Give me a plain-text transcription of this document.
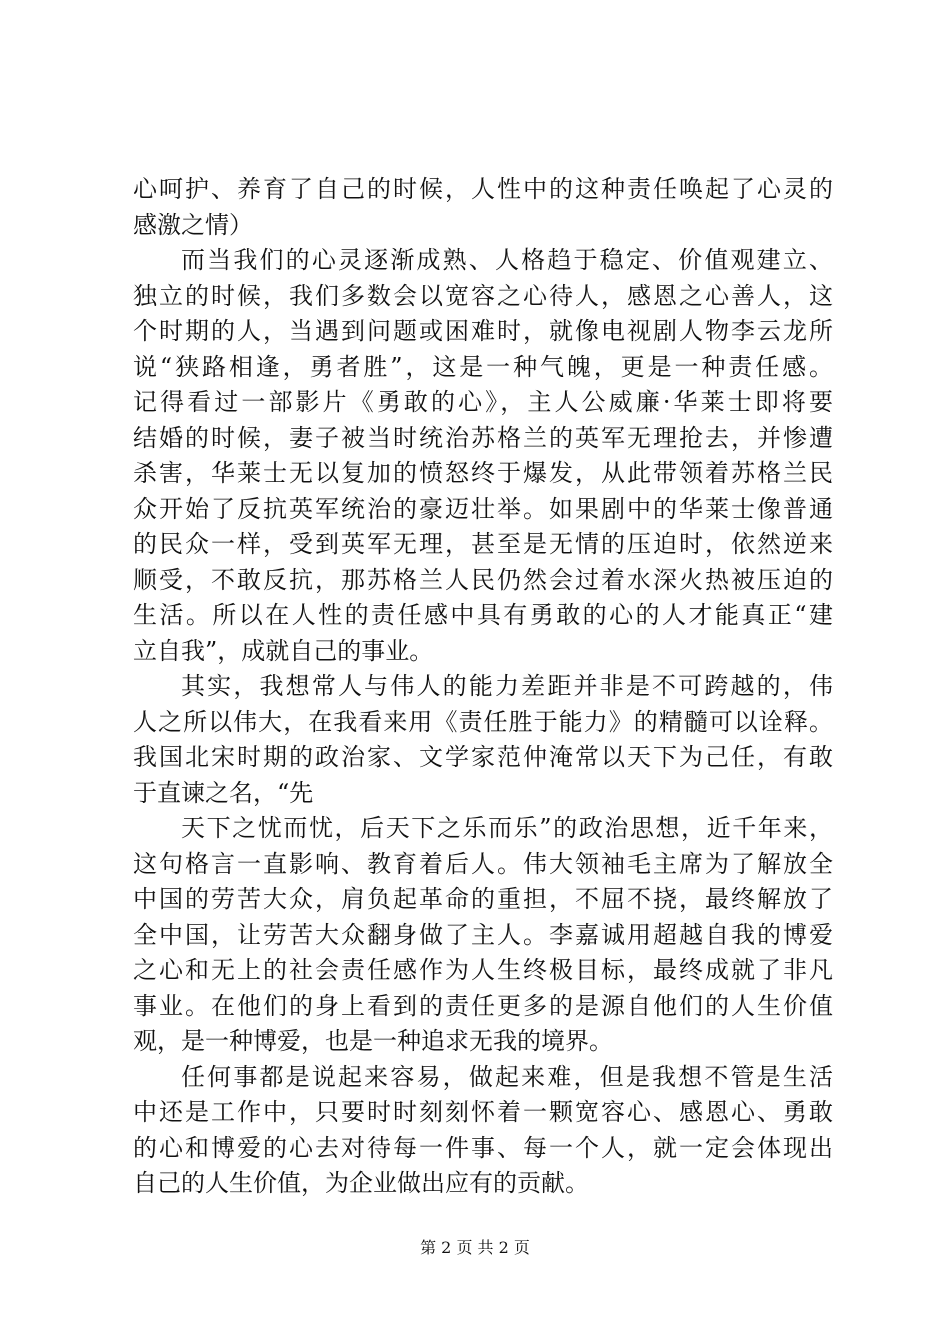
心呵护、养育了自己的时候，人性中的这种责任唤起了心灵的
感激之情）
而当我们的心灵逐渐成熟、人格趋于稳定、价值观建立、
独立的时候，我们多数会以宽容之心待人，感恩之心善人，这
个时期的人，当遇到问题或困难时，就像电视剧人物李云龙所
说“狭路相逢，勇者胜”，这是一种气魄，更是一种责任感。
记得看过一部影片《勇敢的心》，主人公威廉·华莱士即将要
结婚的时候，妻子被当时统治苏格兰的英军无理抢去，并惨遭
杀害，华莱士无以复加的愤怒终于爆发，从此带领着苏格兰民
众开始了反抗英军统治的豪迈壮举。如果剧中的华莱士像普通
的民众一样，受到英军无理，甚至是无情的压迫时，依然逆来
顺受，不敢反抗，那苏格兰人民仍然会过着水深火热被压迫的
生活。所以在人性的责任感中具有勇敢的心的人才能真正“建
立自我”，成就自己的事业。
其实，我想常人与伟人的能力差距并非是不可跨越的，伟
人之所以伟大，在我看来用《责任胜于能力》的精髓可以诠释。
我国北宋时期的政治家、文学家范仲淹常以天下为己任，有敢
于直谏之名，“先
天下之忧而忧，后天下之乐而乐”的政治思想，近千年来，
这句格言一直影响、教育着后人。伟大领袖毛主席为了解放全
中国的劳苦大众，肩负起革命的重担，不屈不挠，最终解放了
全中国，让劳苦大众翻身做了主人。李嘉诚用超越自我的博爱
之心和无上的社会责任感作为人生终极目标，最终成就了非凡
事业。在他们的身上看到的责任更多的是源自他们的人生价值
观，是一种博爱，也是一种追求无我的境界。
任何事都是说起来容易，做起来难，但是我想不管是生活
中还是工作中，只要时时刻刻怀着一颗宽容心、感恩心、勇敢
的心和博爱的心去对待每一件事、每一个人，就一定会体现出
自己的人生价值，为企业做出应有的贡献。
第 2 页 共 2 页
